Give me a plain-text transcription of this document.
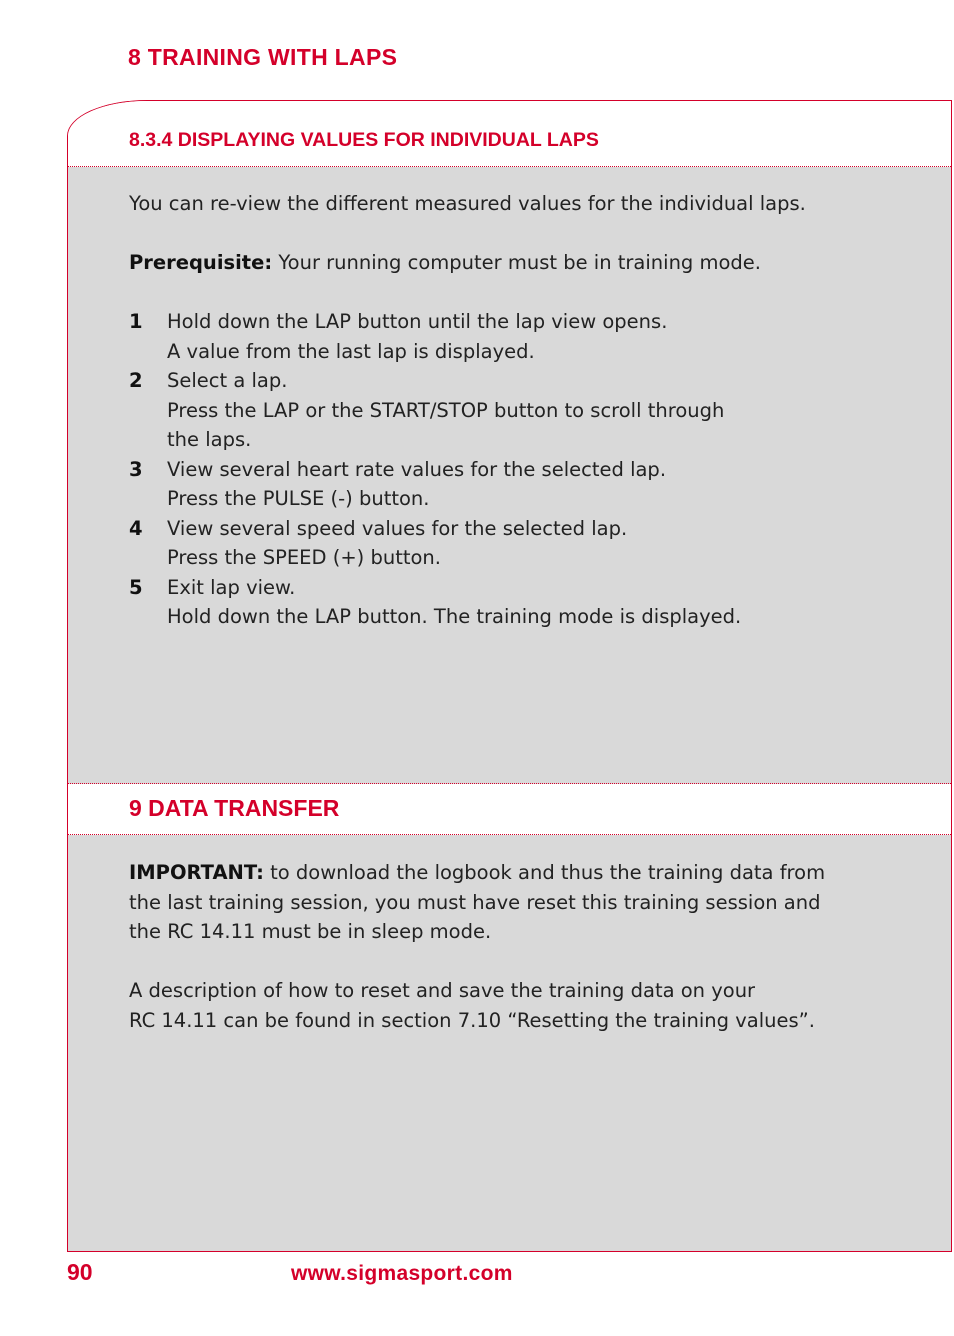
8 TRAINING WITH LAPS
8.3.4 DISPLAYING VALUES FOR INDIVIDUAL LAPS

You can re-view the different measured values for the individual laps.

Prerequisite: Your running computer must be in training mode.

1 Hold down the LAP button until the lap view opens.

A value from the last lap is displayed.

2 Select a lap.

Press the LAP or the START/STOP button to scroll through

the laps.

3 View several heart rate values for the selected lap.

Press the PULSE (-) button.

4 View several speed values for the selected lap.

Press the SPEED (+) button.

5 Exit lap view.

Hold down the LAP button. The training mode is displayed.

9 DATA TRANSFER

IMPORTANT: to download the logbook and thus the training data from

the last training session, you must have reset this training session and

the RC 14.11 must be in sleep mode.

A description of how to reset and save the training data on your

RC 14.11 can be found in section 7.10 “Resetting the training values”.

90	www.sigmasport.com
